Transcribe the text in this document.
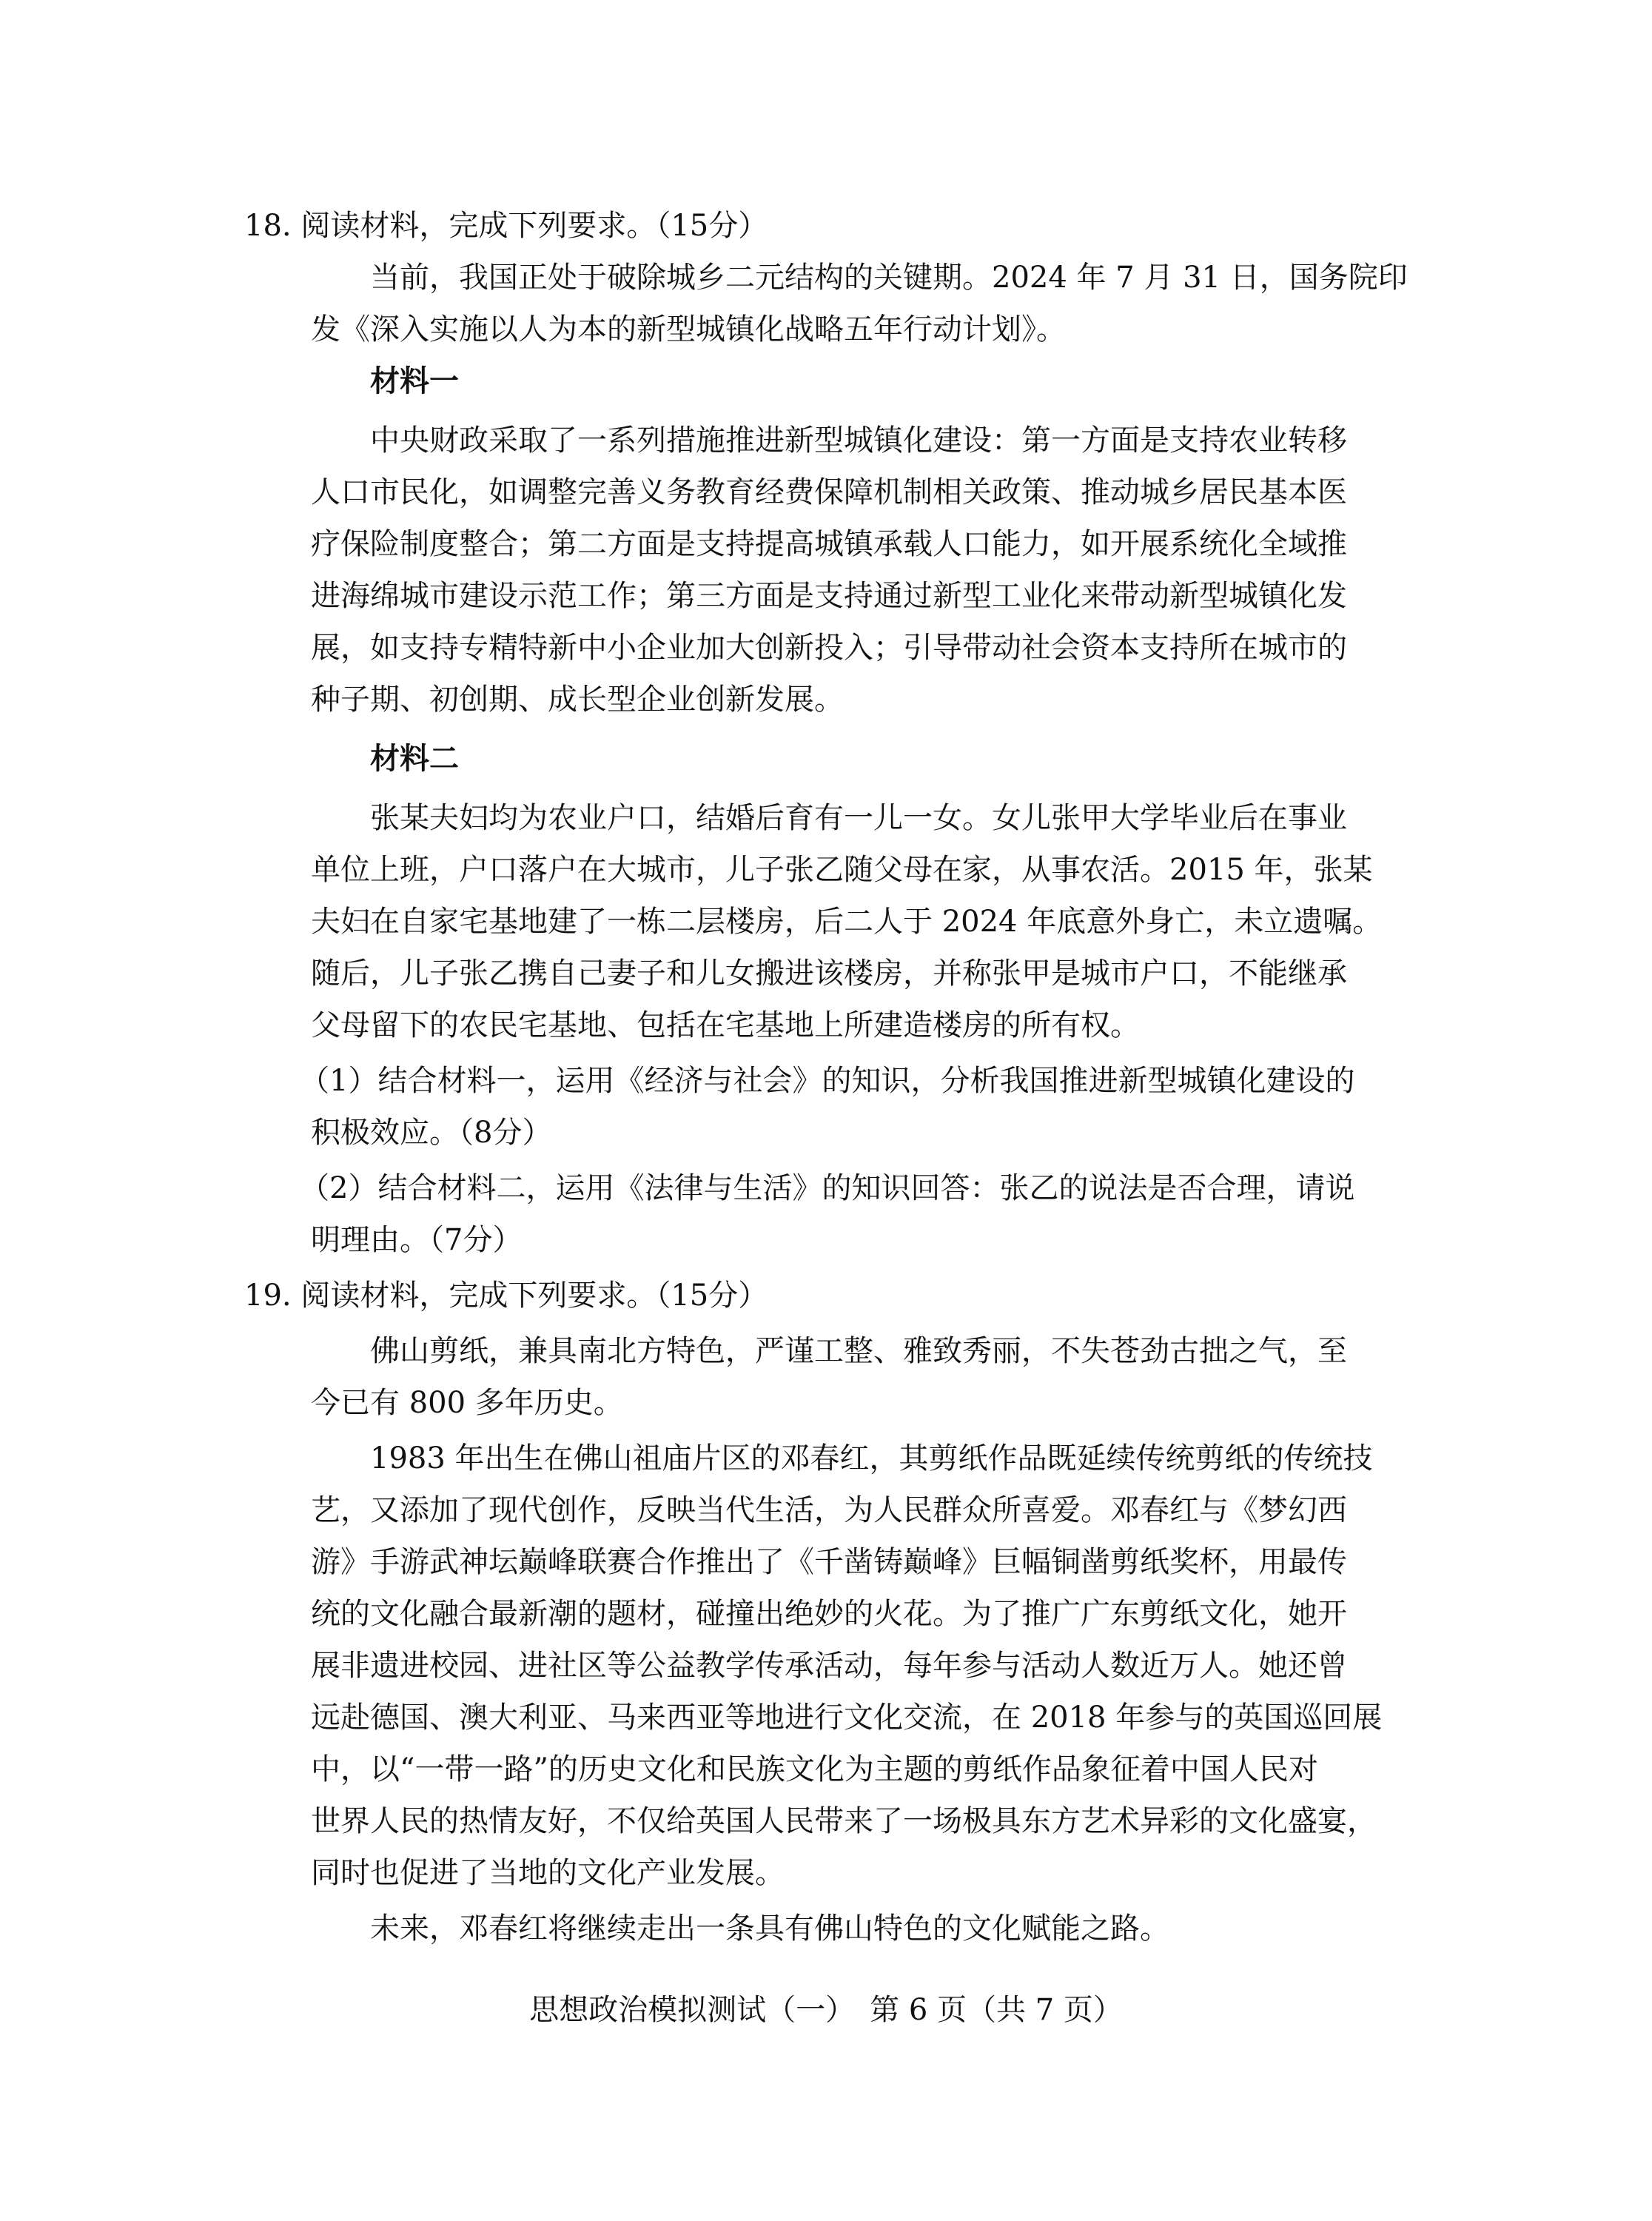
18. 阅读材料，完成下列要求。（15分）
当前，我国正处于破除城乡二元结构的关键期。2024 年 7 月 31 日，国务院印
发《深入实施以人为本的新型城镇化战略五年行动计划》。
材料一
中央财政采取了一系列措施推进新型城镇化建设：第一方面是支持农业转移
人口市民化，如调整完善义务教育经费保障机制相关政策、推动城乡居民基本医
疗保险制度整合；第二方面是支持提高城镇承载人口能力，如开展系统化全域推
进海绵城市建设示范工作；第三方面是支持通过新型工业化来带动新型城镇化发
展，如支持专精特新中小企业加大创新投入；引导带动社会资本支持所在城市的
种子期、初创期、成长型企业创新发展。
材料二
张某夫妇均为农业户口，结婚后育有一儿一女。女儿张甲大学毕业后在事业
单位上班，户口落户在大城市，儿子张乙随父母在家，从事农活。2015 年，张某
夫妇在自家宅基地建了一栋二层楼房，后二人于 2024 年底意外身亡，未立遗嘱。
随后，儿子张乙携自己妻子和儿女搬进该楼房，并称张甲是城市户口，不能继承
父母留下的农民宅基地、包括在宅基地上所建造楼房的所有权。
（1）结合材料一，运用《经济与社会》的知识，分析我国推进新型城镇化建设的
积极效应。（8分）
（2）结合材料二，运用《法律与生活》的知识回答：张乙的说法是否合理，请说
明理由。（7分）
19. 阅读材料，完成下列要求。（15分）
佛山剪纸，兼具南北方特色，严谨工整、雅致秀丽，不失苍劲古拙之气，至
今已有 800 多年历史。
1983 年出生在佛山祖庙片区的邓春红，其剪纸作品既延续传统剪纸的传统技
艺，又添加了现代创作，反映当代生活，为人民群众所喜爱。邓春红与《梦幻西
游》手游武神坛巅峰联赛合作推出了《千凿铸巅峰》巨幅铜凿剪纸奖杯，用最传
统的文化融合最新潮的题材，碰撞出绝妙的火花。为了推广广东剪纸文化，她开
展非遗进校园、进社区等公益教学传承活动，每年参与活动人数近万人。她还曾
远赴德国、澳大利亚、马来西亚等地进行文化交流，在 2018 年参与的英国巡回展
中，以“一带一路”的历史文化和民族文化为主题的剪纸作品象征着中国人民对
世界人民的热情友好，不仅给英国人民带来了一场极具东方艺术异彩的文化盛宴，
同时也促进了当地的文化产业发展。
未来，邓春红将继续走出一条具有佛山特色的文化赋能之路。
思想政治模拟测试（一）　第 6 页（共 7 页）
